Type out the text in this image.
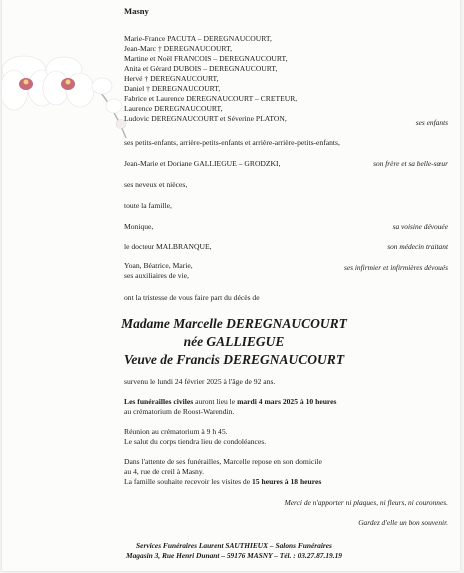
Masny
Marie-France PACUTA – DEREGNAUCOURT,
Jean-Marc † DEREGNAUCOURT,
Martine et Noël FRANCOIS – DEREGNAUCOURT,
Anita et Gérard DUBOIS – DEREGNAUCOURT,
Hervé † DEREGNAUCOURT,
Daniel † DEREGNAUCOURT,
Fabrice et Laurence DEREGNAUCOURT – CRETEUR,
Laurence DEREGNAUCOURT,
Ludovic DEREGNAUCOURT et Séverine PLATON,	ses enfants
ses petits-enfants, arrière-petits-enfants et arrière-arrière-petits-enfants,
Jean-Marie et Doriane GALLIEGUE – GRODZKI,	son frère et sa belle-sœur
ses neveux et nièces,
toute la famille,
Monique,	sa voisine dévouée
le docteur MALBRANQUE,	son médecin traitant
Yoan, Béatrice, Marie,	ses infirmier et infirmières dévoués
ses auxiliaires de vie,
ont la tristesse de vous faire part du décès de
Madame Marcelle DEREGNAUCOURT
née GALLIEGUE
Veuve de Francis DEREGNAUCOURT
survenu le lundi 24 février 2025 à l'âge de 92 ans.
Les funérailles civiles auront lieu le mardi 4 mars 2025 à 10 heures
au crématorium de Roost-Warendin.
Réunion au crématorium à 9 h 45.
Le salut du corps tiendra lieu de condoléances.
Dans l'attente de ses funérailles, Marcelle repose en son domicile
au 4, rue de creil à Masny.
La famille souhaite recevoir les visites de 15 heures à 18 heures
Merci de n'apporter ni plaques, ni fleurs, ni couronnes.
Gardez d'elle un bon souvenir.
Services Funéraires Laurent SAUTHIEUX – Salons Funéraires
Magasin 3, Rue Henri Dunant – 59176 MASNY – Tél. : 03.27.87.19.19
